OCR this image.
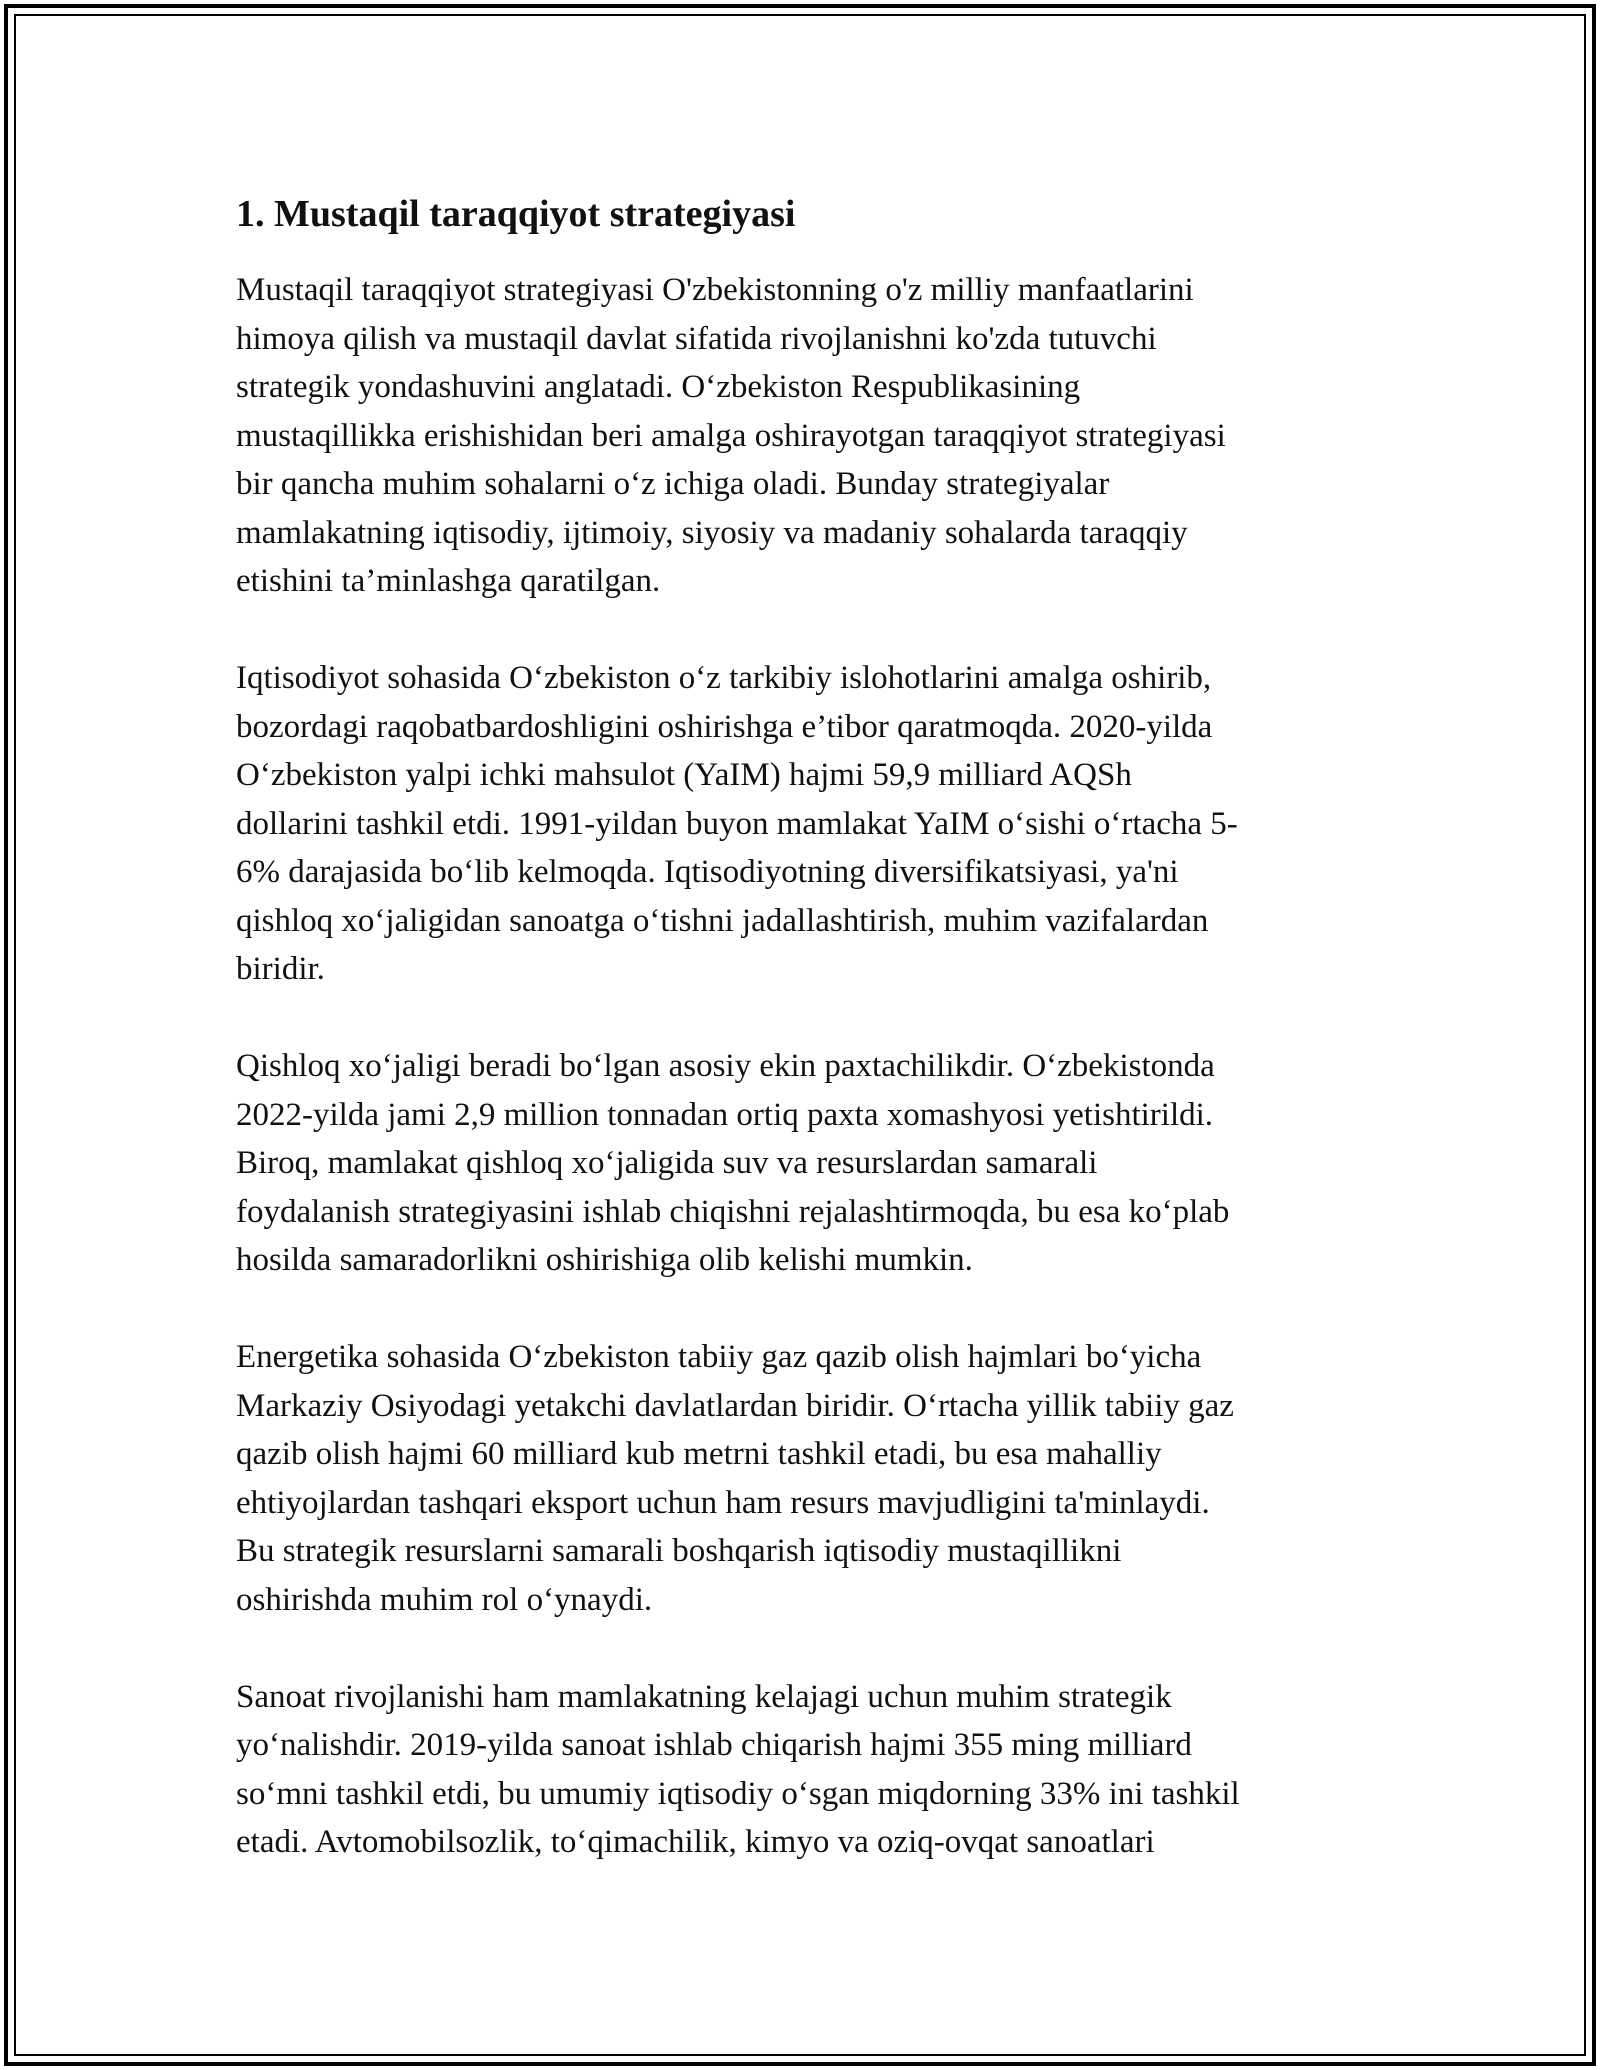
1. Mustaqil taraqqiyot strategiyasi
Mustaqil taraqqiyot strategiyasi O'zbekistonning o'z milliy manfaatlarini
himoya qilish va mustaqil davlat sifatida rivojlanishni ko'zda tutuvchi
strategik yondashuvini anglatadi. O‘zbekiston Respublikasining
mustaqillikka erishishidan beri amalga oshirayotgan taraqqiyot strategiyasi
bir qancha muhim sohalarni o‘z ichiga oladi. Bunday strategiyalar
mamlakatning iqtisodiy, ijtimoiy, siyosiy va madaniy sohalarda taraqqiy
etishini ta’minlashga qaratilgan.
Iqtisodiyot sohasida O‘zbekiston o‘z tarkibiy islohotlarini amalga oshirib,
bozordagi raqobatbardoshligini oshirishga e’tibor qaratmoqda. 2020-yilda
O‘zbekiston yalpi ichki mahsulot (YaIM) hajmi 59,9 milliard AQSh
dollarini tashkil etdi. 1991-yildan buyon mamlakat YaIM o‘sishi o‘rtacha 5-
6% darajasida bo‘lib kelmoqda. Iqtisodiyotning diversifikatsiyasi, ya'ni
qishloq xo‘jaligidan sanoatga o‘tishni jadallashtirish, muhim vazifalardan
biridir.
Qishloq xo‘jaligi beradi bo‘lgan asosiy ekin paxtachilikdir. O‘zbekistonda
2022-yilda jami 2,9 million tonnadan ortiq paxta xomashyosi yetishtirildi.
Biroq, mamlakat qishloq xo‘jaligida suv va resurslardan samarali
foydalanish strategiyasini ishlab chiqishni rejalashtirmoqda, bu esa ko‘plab
hosilda samaradorlikni oshirishiga olib kelishi mumkin.
Energetika sohasida O‘zbekiston tabiiy gaz qazib olish hajmlari bo‘yicha
Markaziy Osiyodagi yetakchi davlatlardan biridir. O‘rtacha yillik tabiiy gaz
qazib olish hajmi 60 milliard kub metrni tashkil etadi, bu esa mahalliy
ehtiyojlardan tashqari eksport uchun ham resurs mavjudligini ta'minlaydi.
Bu strategik resurslarni samarali boshqarish iqtisodiy mustaqillikni
oshirishda muhim rol o‘ynaydi.
Sanoat rivojlanishi ham mamlakatning kelajagi uchun muhim strategik
yo‘nalishdir. 2019-yilda sanoat ishlab chiqarish hajmi 355 ming milliard
so‘mni tashkil etdi, bu umumiy iqtisodiy o‘sgan miqdorning 33% ini tashkil
etadi. Avtomobilsozlik, to‘qimachilik, kimyo va oziq-ovqat sanoatlari
